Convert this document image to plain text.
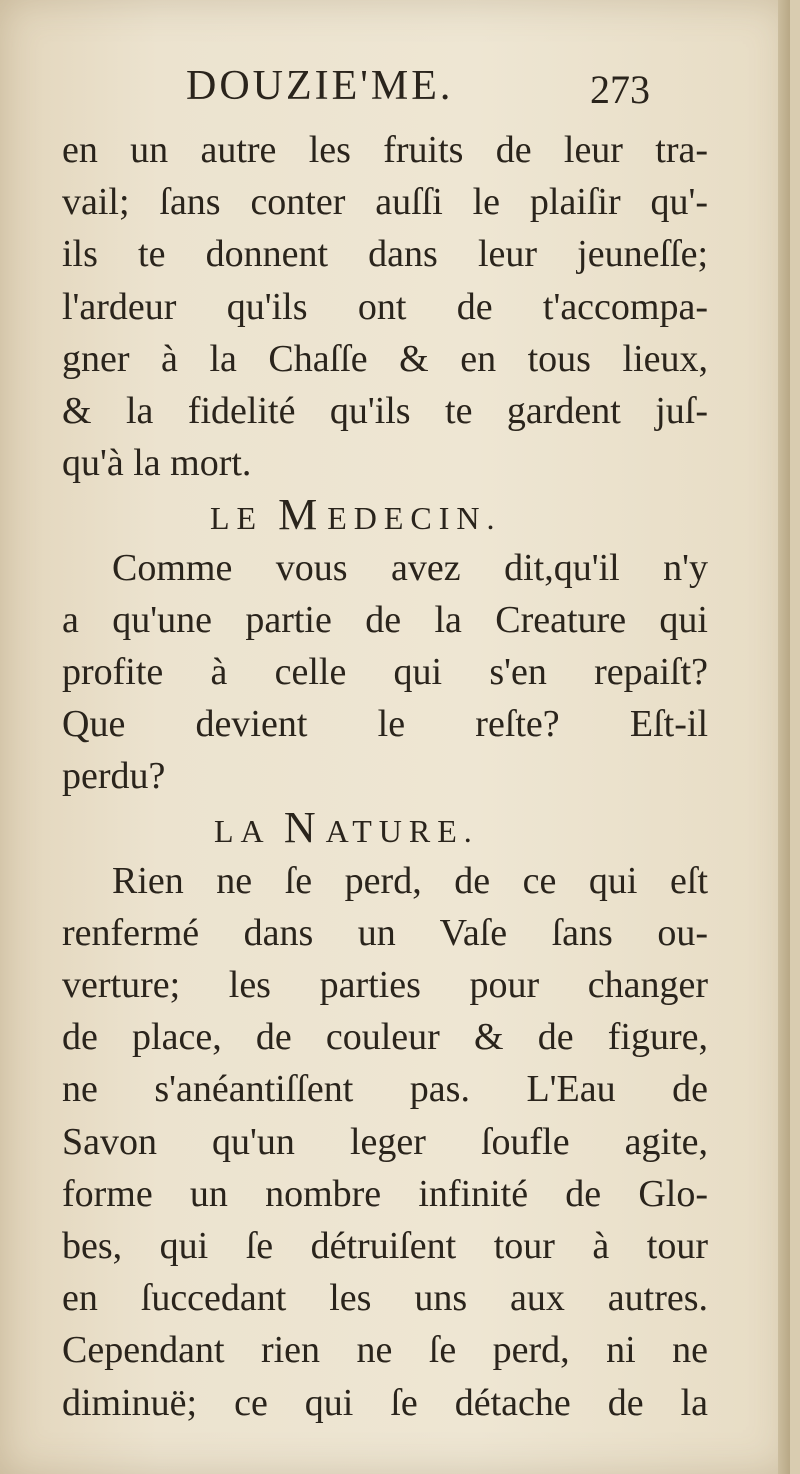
DOUZIE'ME.	273
en un autre les fruits de leur tra-
vail; ſans conter auſſi le plaiſir qu'-
ils te donnent dans leur jeuneſſe;
l'ardeur qu'ils ont de t'accompa-
gner à la Chaſſe & en tous lieux,
& la fidelité qu'ils te gardent juſ-
qu'à la mort.
LE MEDECIN.
Comme vous avez dit,qu'il n'y
a qu'une partie de la Creature qui
profite à celle qui s'en repaiſt?
Que devient le reſte? Eſt-il
perdu?
LA NATURE.
Rien ne ſe perd, de ce qui eſt
renfermé dans un Vaſe ſans ou-
verture; les parties pour changer
de place, de couleur & de figure,
ne s'anéantiſſent pas. L'Eau de
Savon qu'un leger ſoufle agite,
forme un nombre infinité de Glo-
bes, qui ſe détruiſent tour à tour
en ſuccedant les uns aux autres.
Cependant rien ne ſe perd, ni ne
diminuë; ce qui ſe détache de la
